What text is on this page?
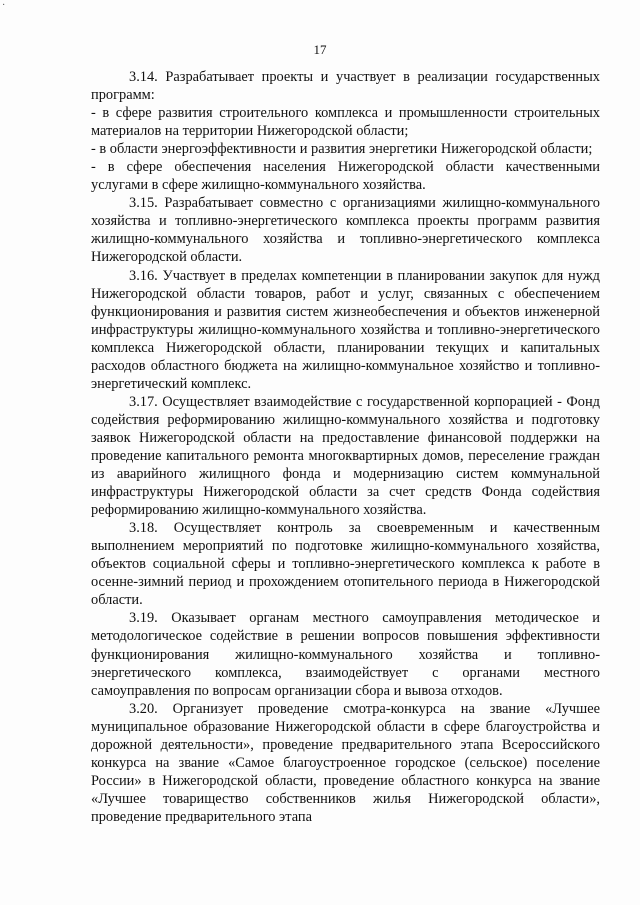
·
17

3.14. Разрабатывает проекты и участвует в реализации государственных программ:

- в сфере развития строительного комплекса и промышленности строительных материалов на территории Нижегородской области;

- в области энергоэффективности и развития энергетики Нижегородской области;

- в сфере обеспечения населения Нижегородской области качественными услугами в сфере жилищно-коммунального хозяйства.

3.15. Разрабатывает совместно с организациями жилищно-коммунального хозяйства и топливно-энергетического комплекса проекты программ развития жилищно-коммунального хозяйства и топливно-энергетического комплекса Нижегородской области.

3.16. Участвует в пределах компетенции в планировании закупок для нужд Нижегородской области товаров, работ и услуг, связанных с обеспечением функционирования и развития систем жизнеобеспечения и объектов инженерной инфраструктуры жилищно-коммунального хозяйства и топливно-энергетического комплекса Нижегородской области, планировании текущих и капитальных расходов областного бюджета на жилищно-коммунальное хозяйство и топливно-энергетический комплекс.

3.17. Осуществляет взаимодействие с государственной корпорацией - Фонд содействия реформированию жилищно-коммунального хозяйства и подготовку заявок Нижегородской области на предоставление финансовой поддержки на проведение капитального ремонта многоквартирных домов, переселение граждан из аварийного жилищного фонда и модернизацию систем коммунальной инфраструктуры Нижегородской области за счет средств Фонда содействия реформированию жилищно-коммунального хозяйства.

3.18. Осуществляет контроль за своевременным и качественным выполнением мероприятий по подготовке жилищно-коммунального хозяйства, объектов социальной сферы и топливно-энергетического комплекса к работе в осенне-зимний период и прохождением отопительного периода в Нижегородской области.

3.19. Оказывает органам местного самоуправления методическое и методологическое содействие в решении вопросов повышения эффективности функционирования жилищно-коммунального хозяйства и топливно-энергетического комплекса, взаимодействует с органами местного самоуправления по вопросам организации сбора и вывоза отходов.

3.20. Организует проведение смотра-конкурса на звание «Лучшее муниципальное образование Нижегородской области в сфере благоустройства и дорожной деятельности», проведение предварительного этапа Всероссийского конкурса на звание «Самое благоустроенное городское (сельское) поселение России» в Нижегородской области, проведение областного конкурса на звание «Лучшее товарищество собственников жилья Нижегородской области», проведение предварительного этапа
